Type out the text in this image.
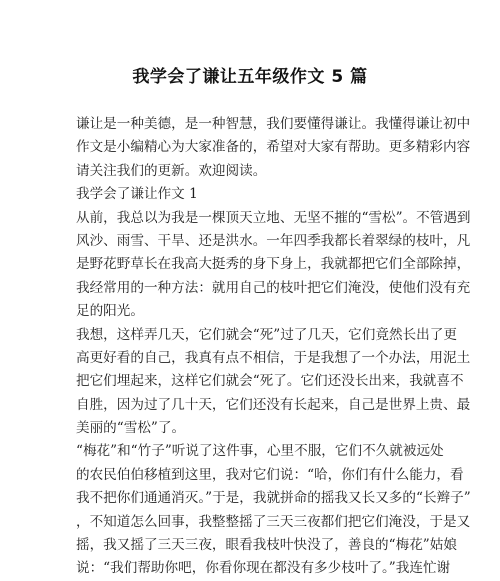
我学会了谦让五年级作文 5 篇
谦让是一种美德，是一种智慧，我们要懂得谦让。我懂得谦让初中
作文是小编精心为大家准备的，希望对大家有帮助。更多精彩内容
请关注我们的更新。欢迎阅读。
我学会了谦让作文 1
从前，我总以为我是一棵顶天立地、无坚不摧的“雪松”。不管遇到
风沙、雨雪、干旱、还是洪水。一年四季我都长着翠绿的枝叶，凡
是野花野草长在我高大挺秀的身下身上，我就都把它们全部除掉，
我经常用的一种方法：就用自己的枝叶把它们淹没，使他们没有充
足的阳光。
我想，这样弄几天，它们就会“死”过了几天，它们竟然长出了更
高更好看的自己，我真有点不相信，于是我想了一个办法，用泥土
把它们埋起来，这样它们就会“死了。它们还没长出来，我就喜不
自胜，因为过了几十天，它们还没有长起来，自己是世界上贵、最
美丽的“雪松”了。
“梅花”和“竹子”听说了这件事，心里不服，它们不久就被远处
的农民伯伯移植到这里，我对它们说：“哈，你们有什么能力，看
我不把你们通通消灭。”于是，我就拼命的摇我又长又多的“长辫子”
，不知道怎么回事，我整整摇了三天三夜都们把它们淹没，于是又
摇，我又摇了三天三夜，眼看我枝叶快没了，善良的“梅花”姑娘
说：“我们帮助你吧，你看你现在都没有多少枝叶了。”我连忙谢
